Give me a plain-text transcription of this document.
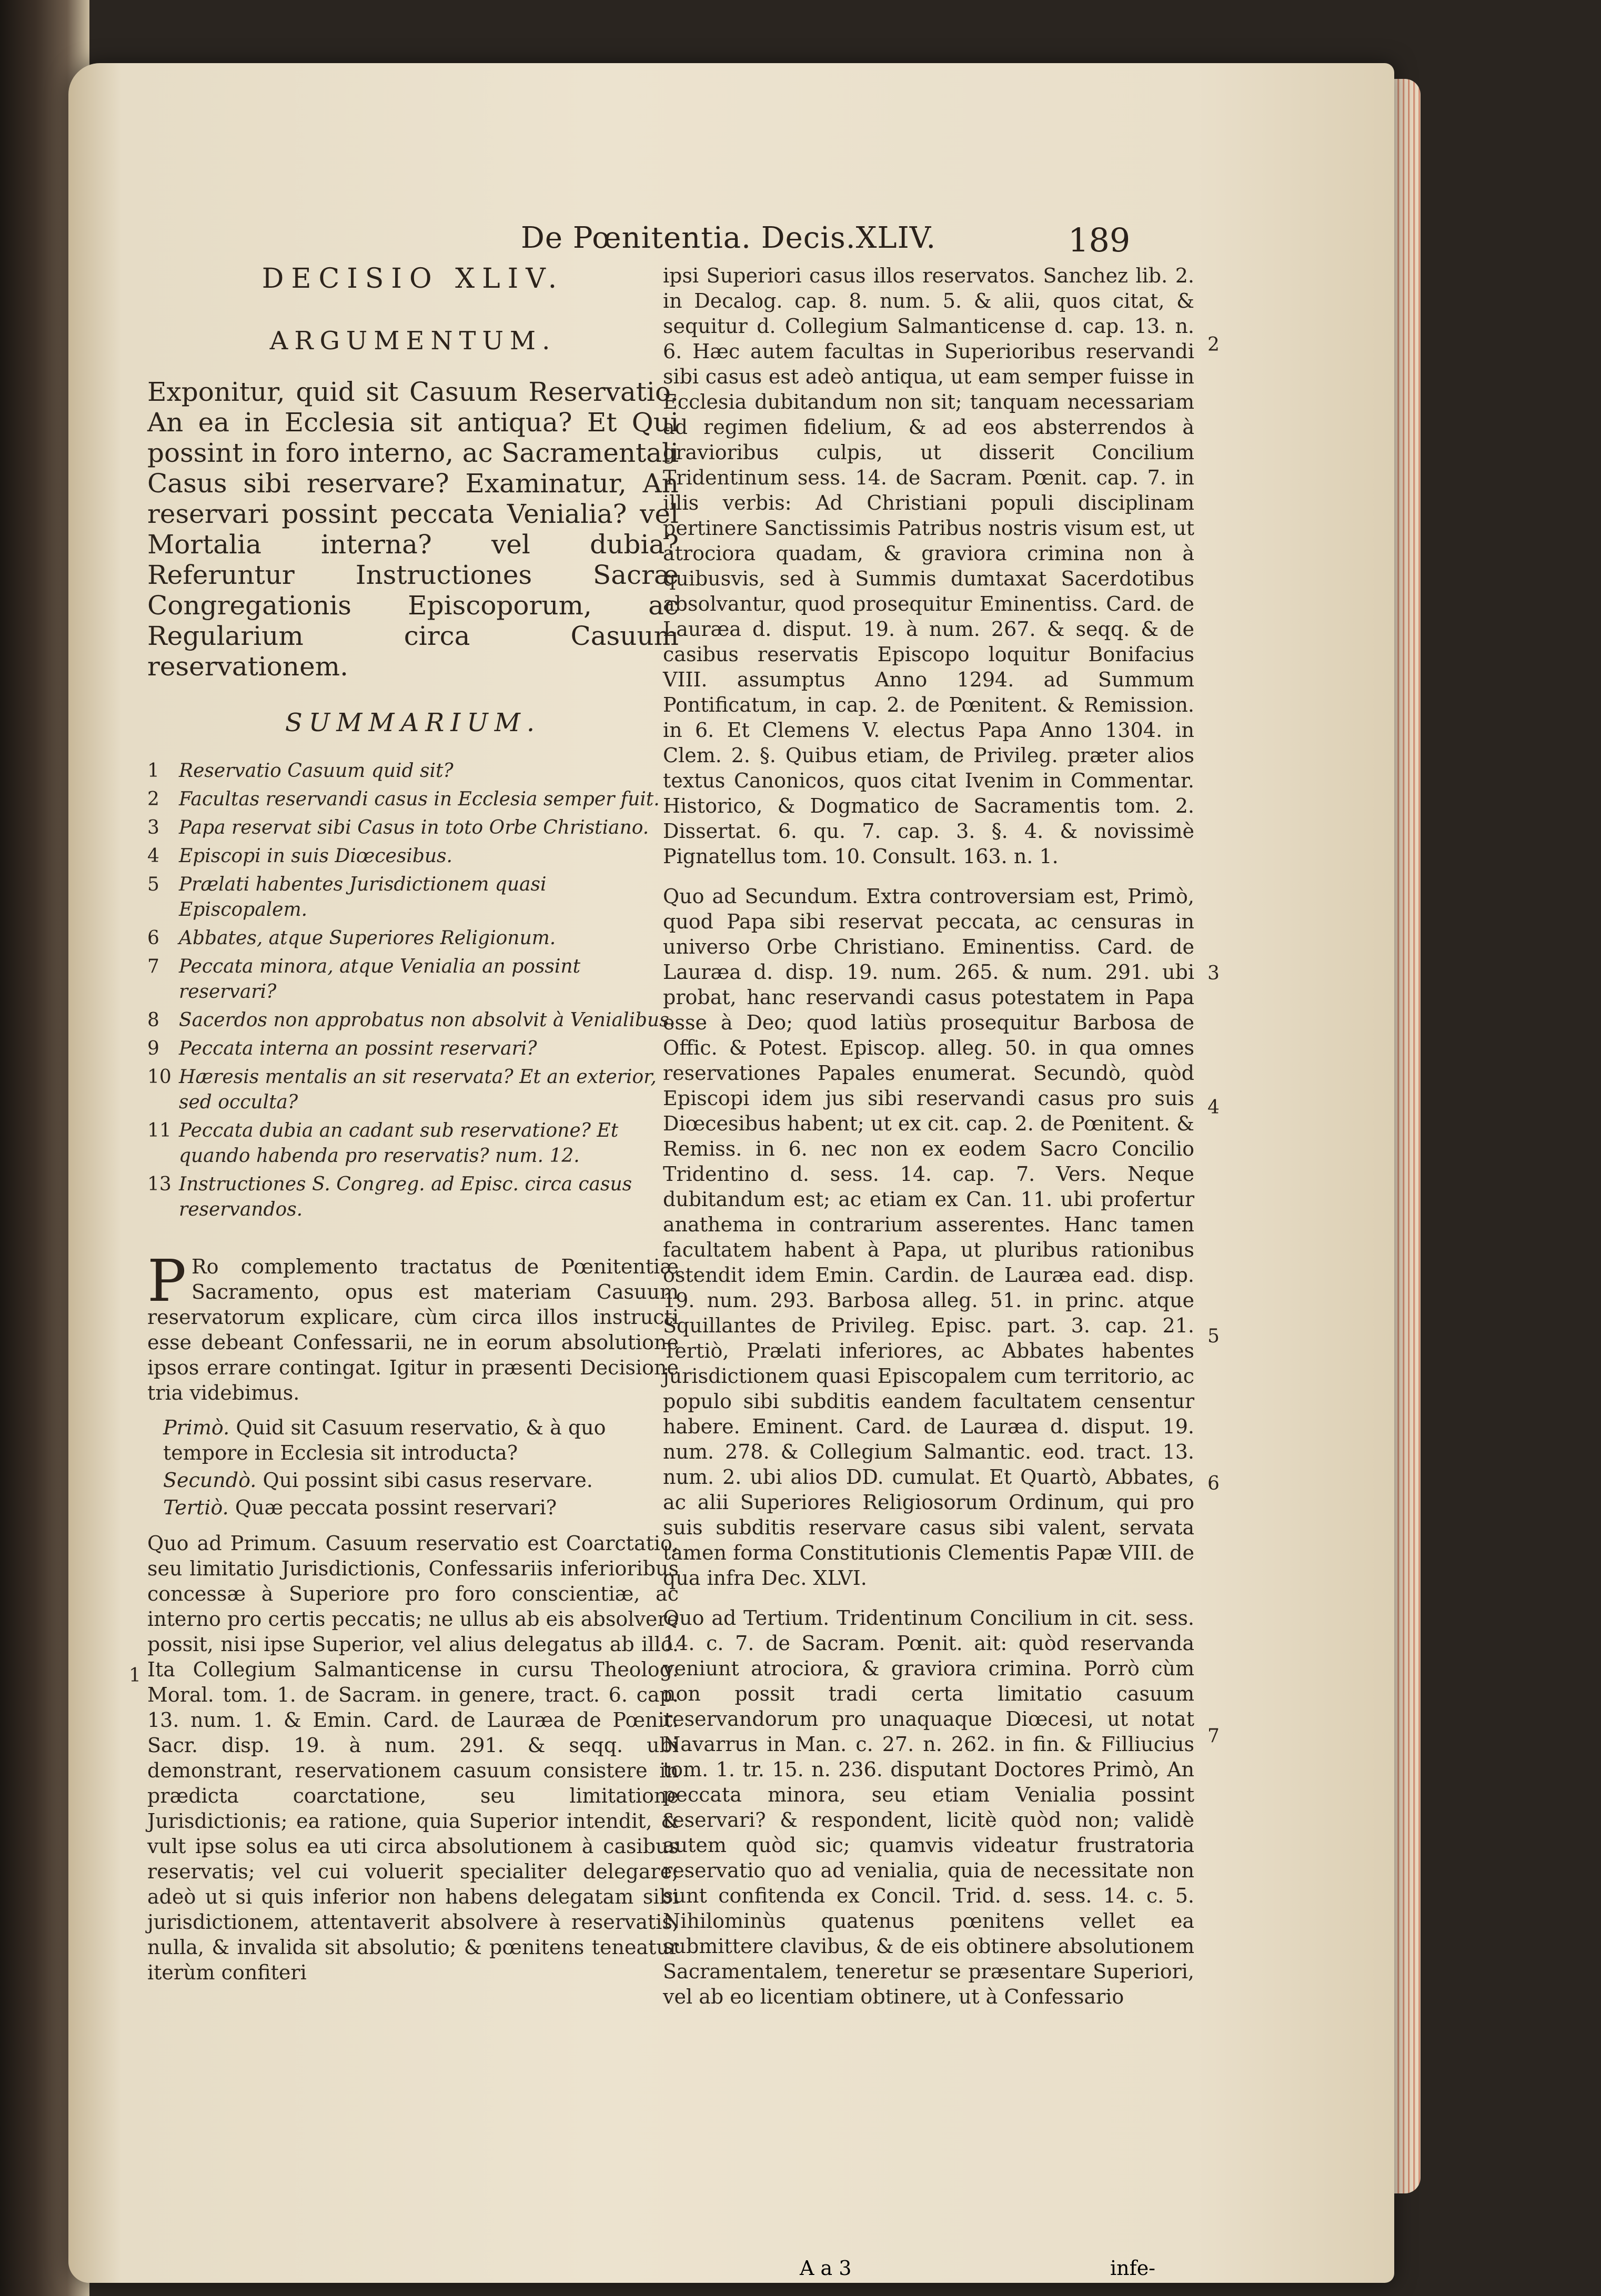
De Pœnitentia. Decis.XLIV.	189
DECISIO XLIV.
ARGUMENTUM.
Exponitur, quid sit Casuum Reservatio. An ea in Ecclesia sit antiqua? Et Qui possint in foro interno, ac Sacramentali Casus sibi reservare? Examinatur, An reservari possint peccata Venialia? vel Mortalia interna? vel dubia? Referuntur Instructiones Sacræ Congregationis Episcoporum, ac Regularium circa Casuum reservationem.
SUMMARIUM.
1 Reservatio Casuum quid sit?
2 Facultas reservandi casus in Ecclesia semper fuit.
3 Papa reservat sibi Casus in toto Orbe Christiano.
4 Episcopi in suis Diœcesibus.
5 Prælati habentes Jurisdictionem quasi Episcopalem.
6 Abbates, atque Superiores Religionum.
7 Peccata minora, atque Venialia an possint reservari?
8 Sacerdos non approbatus non absolvit à Venialibus.
9 Peccata interna an possint reservari?
10 Hæresis mentalis an sit reservata? Et an exterior, sed occulta?
11 Peccata dubia an cadant sub reservatione? Et quando habenda pro reservatis? num. 12.
13 Instructiones S. Congreg. ad Episc. circa casus reservandos.

P Ro complemento tractatus de Pœnitentiæ Sacramento, opus est materiam Casuum reservatorum explicare, cùm circa illos instructi esse debeant Confessarii, ne in eorum absolutione ipsos errare contingat. Igitur in præsenti Decisione tria videbimus.

Primò. Quid sit Casuum reservatio, & à quo tempore in Ecclesia sit introducta?

Secundò. Qui possint sibi casus reservare.

Tertiò. Quæ peccata possint reservari?

Quo ad Primum. Casuum reservatio est Coarctatio, seu limitatio Jurisdictionis, Confessariis inferioribus concessæ à Superiore pro foro conscientiæ, ac interno pro certis peccatis; ne ullus ab eis absolvere possit, nisi ipse Superior, vel alius delegatus ab illo. Ita Collegium Salmanticense in cursu Theolog. Moral. tom. 1. de Sacram. in genere, tract. 6. cap. 13. num. 1. & Emin. Card. de Lauræa de Pœnit. Sacr. disp. 19. à num. 291. & seqq. ubi demonstrant, reservationem casuum consistere in prædicta coarctatione, seu limitatione Jurisdictionis; ea ratione, quia Superior intendit, & vult ipse solus ea uti circa absolutionem à casibus reservatis; vel cui voluerit specialiter delegare; adeò ut si quis inferior non habens delegatam sibi jurisdictionem, attentaverit absolvere à reservatis, nulla, & invalida sit absolutio; & pœnitens teneatur iterùm confiteri

ipsi Superiori casus illos reservatos. Sanchez lib. 2. in Decalog. cap. 8. num. 5. & alii, quos citat, & sequitur d. Collegium Salmanticense d. cap. 13. n. 6. Hæc autem facultas in Superioribus reservandi sibi casus est adeò antiqua, ut eam semper fuisse in Ecclesia dubitandum non sit; tanquam necessariam ad regimen fidelium, & ad eos absterrendos à gravioribus culpis, ut disserit Concilium Tridentinum sess. 14. de Sacram. Pœnit. cap. 7. in illis verbis: Ad Christiani populi disciplinam pertinere Sanctissimis Patribus nostris visum est, ut atrociora quadam, & graviora crimina non à quibusvis, sed à Summis dumtaxat Sacerdotibus absolvantur, quod prosequitur Eminentiss. Card. de Lauræa d. disput. 19. à num. 267. & seqq. & de casibus reservatis Episcopo loquitur Bonifacius VIII. assumptus Anno 1294. ad Summum Pontificatum, in cap. 2. de Pœnitent. & Remission. in 6. Et Clemens V. electus Papa Anno 1304. in Clem. 2. §. Quibus etiam, de Privileg. præter alios textus Canonicos, quos citat Ivenim in Commentar. Historico, & Dogmatico de Sacramentis tom. 2. Dissertat. 6. qu. 7. cap. 3. §. 4. & novissimè Pignatellus tom. 10. Consult. 163. n. 1.

Quo ad Secundum. Extra controversiam est, Primò, quod Papa sibi reservat peccata, ac censuras in universo Orbe Christiano. Eminentiss. Card. de Lauræa d. disp. 19. num. 265. & num. 291. ubi probat, hanc reservandi casus potestatem in Papa esse à Deo; quod latiùs prosequitur Barbosa de Offic. & Potest. Episcop. alleg. 50. in qua omnes reservationes Papales enumerat. Secundò, quòd Episcopi idem jus sibi reservandi casus pro suis Diœcesibus habent; ut ex cit. cap. 2. de Pœnitent. & Remiss. in 6. nec non ex eodem Sacro Concilio Tridentino d. sess. 14. cap. 7. Vers. Neque dubitandum est; ac etiam ex Can. 11. ubi profertur anathema in contrarium asserentes. Hanc tamen facultatem habent à Papa, ut pluribus rationibus ostendit idem Emin. Cardin. de Lauræa ead. disp. 19. num. 293. Barbosa alleg. 51. in princ. atque Squillantes de Privileg. Episc. part. 3. cap. 21. Tertiò, Prælati inferiores, ac Abbates habentes jurisdictionem quasi Episcopalem cum territorio, ac populo sibi subditis eandem facultatem censentur habere. Eminent. Card. de Lauræa d. disput. 19. num. 278. & Collegium Salmantic. eod. tract. 13. num. 2. ubi alios DD. cumulat. Et Quartò, Abbates, ac alii Superiores Religiosorum Ordinum, qui pro suis subditis reservare casus sibi valent, servata tamen forma Constitutionis Clementis Papæ VIII. de qua infra Dec. XLVI.

Quo ad Tertium. Tridentinum Concilium in cit. sess. 14. c. 7. de Sacram. Pœnit. ait: quòd reservanda veniunt atrociora, & graviora crimina. Porrò cùm non possit tradi certa limitatio casuum reservandorum pro unaquaque Diœcesi, ut notat Navarrus in Man. c. 27. n. 262. in fin. & Filliucius tom. 1. tr. 15. n. 236. disputant Doctores Primò, An peccata minora, seu etiam Venialia possint reservari? & respondent, licitè quòd non; validè autem quòd sic; quamvis videatur frustratoria reservatio quo ad venialia, quia de necessitate non sunt confitenda ex Concil. Trid. d. sess. 14. c. 5. Nihilominùs quatenus pœnitens vellet ea submittere clavibus, & de eis obtinere absolutionem Sacramentalem, teneretur se præsentare Superiori, vel ab eo licentiam obtinere, ut à Confessario

1
2
3
4
5
6
7
A a 3	infe-
